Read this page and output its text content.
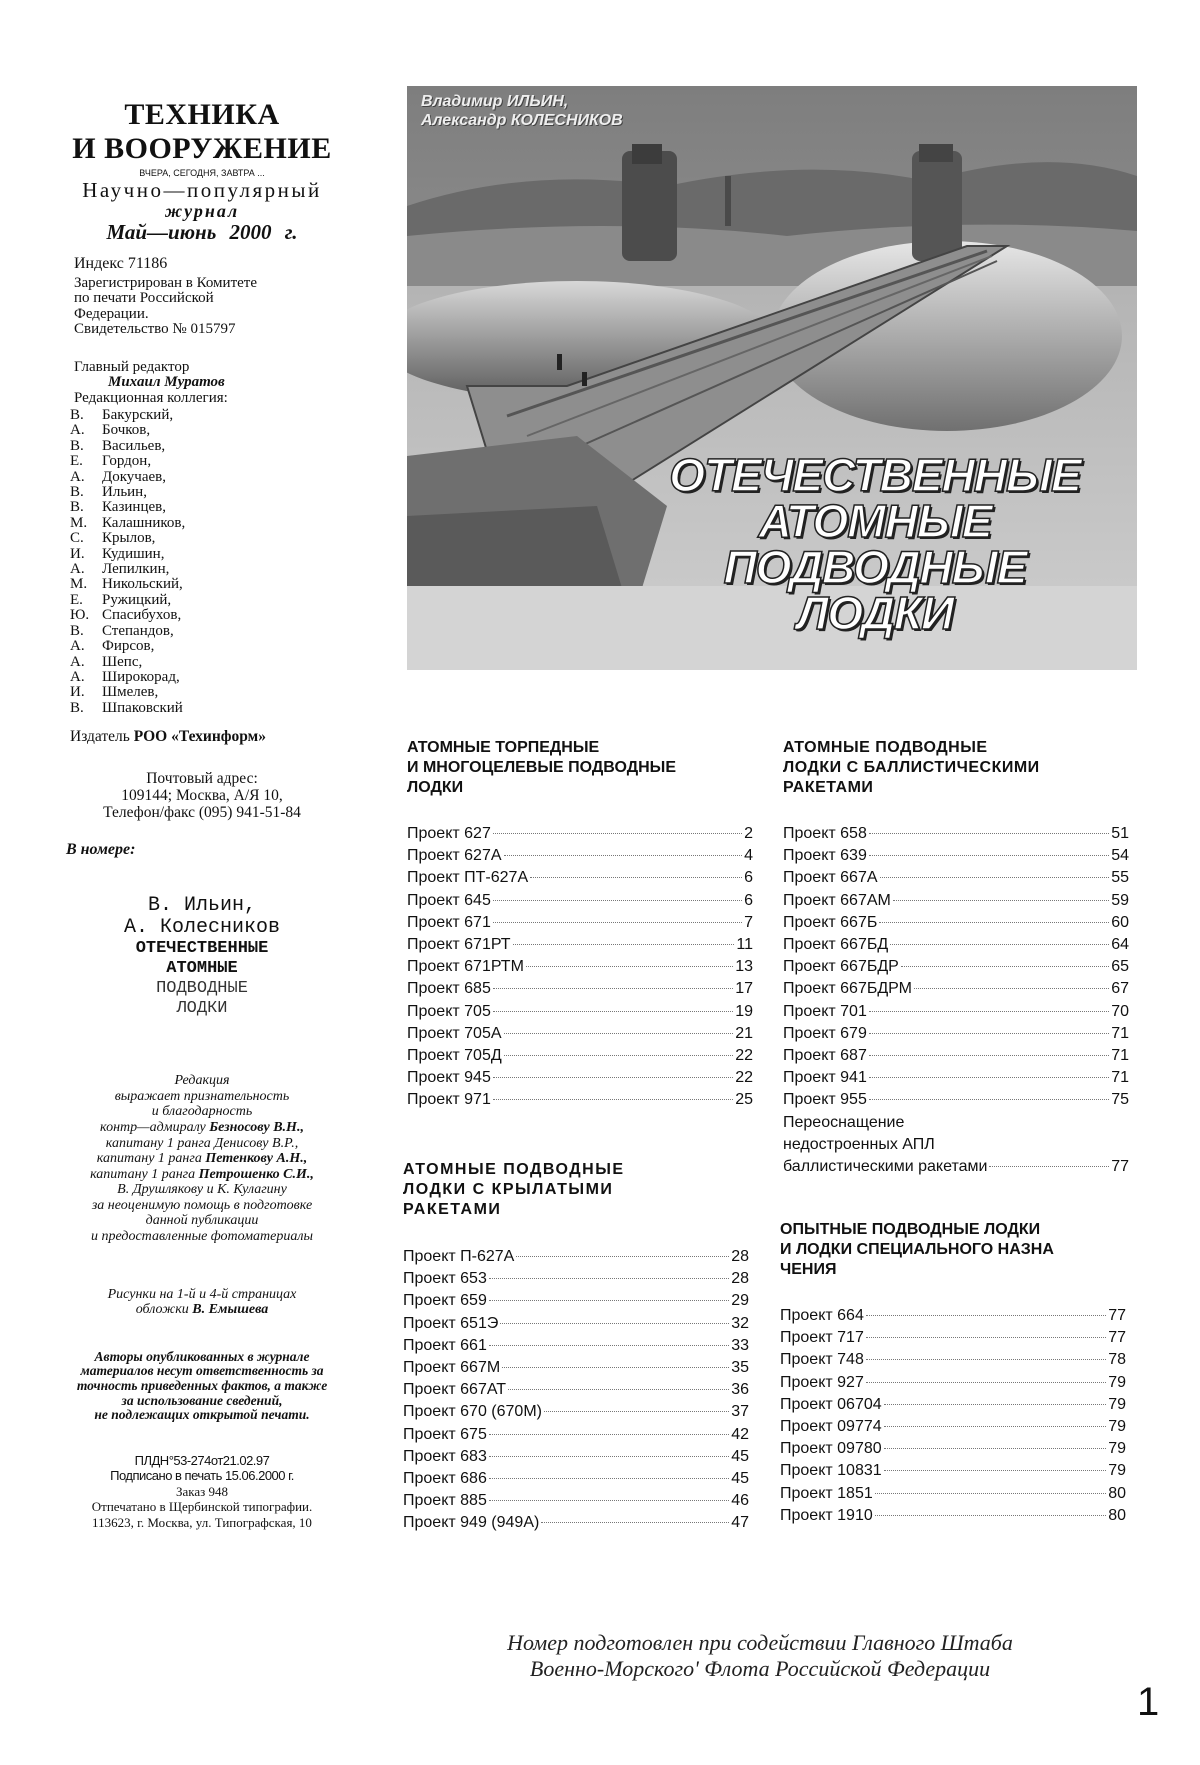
ТЕХНИКА
И ВООРУЖЕНИЕ
ВЧЕРА, СЕГОДНЯ, ЗАВТРА ...
Научно—популярный
журнал
Май—июнь 2000 г.
Индекс 71186
Зарегистрирован в Комитете
по печати Российской
Федерации.
Свидетельство № 015797
Главный редактор
Михаил Муратов
Редакционная коллегия:
В.	Бакурский,
А.	Бочков,
В.	Васильев,
Е.	Гордон,
А.	Докучаев,
В.	Ильин,
В.	Казинцев,
М. Калашников,
С.	Крылов,
И.	Кудишин,
А.	Лепилкин,
М. Никольский,
Е.	Ружицкий,
Ю. Спасибухов,
В.	Степандов,
А.	Фирсов,
А.	Шепс,
А.	Широкорад,
И.	Шмелев,
В.	Шпаковский
Издатель РОО «Техинформ»
Почтовый адрес:
109144; Москва, А/Я 10,
Телефон/факс (095) 941-51-84
В номере:
В. Ильин,
А. Колесников
ОТЕЧЕСТВЕННЫЕ
АТОМНЫЕ
ПОДВОДНЫЕ
ЛОДКИ
Редакция
выражает признательность
и благодарность
контр—адмиралу Безносову В.Н.,
капитану 1 ранга Денисову В.Р.,
капитану 1 ранга Петенкову А.Н.,
капитану 1 ранга Петрошенко С.И.,
В. Друшлякову и К. Кулагину
за неоценимую помощь в подготовке
данной публикации
и предоставленные фотоматериалы
Рисунки на 1-й и 4-й страницах
обложки В. Емышева
Авторы опубликованных в журнале
материалов несут ответственность за
точность приведенных фактов, а также
за использование сведений,
не подлежащих открытой печати.
ПЛДН°53-274от21.02.97
Подписано в печать 15.06.2000 г.
Заказ 948
Отпечатано в Щербинской типографии.
113623, г. Москва, ул. Типографская, 10
Владимир ИЛЬИН,
Александр КОЛЕСНИКОВ
ОТЕЧЕСТВЕННЫЕ
АТОМНЫЕ
ПОДВОДНЫЕ
ЛОДКИ
АТОМНЫЕ ТОРПЕДНЫЕ
И МНОГОЦЕЛЕВЫЕ ПОДВОДНЫЕ
ЛОДКИ
Проект 627	2
Проект 627А	4
Проект ПТ-627А	6
Проект 645	6
Проект 671	7
Проект 671РТ	11
Проект 671РТМ	13
Проект 685	17
Проект 705	19
Проект 705А	21
Проект 705Д	22
Проект 945	22
Проект 971	25
АТОМНЫЕ ПОДВОДНЫЕ
ЛОДКИ С БАЛЛИСТИЧЕСКИМИ
РАКЕТАМИ
Проект 658	51
Проект 639	54
Проект 667А	55
Проект 667АМ	59
Проект 667Б	60
Проект 667БД	64
Проект 667БДР	65
Проект 667БДРМ	67
Проект 701	70
Проект 679	71
Проект 687	71
Проект 941	71
Проект 955	75
Переоснащение
недостроенных АПЛ
баллистическими ракетами	77
АТОМНЫЕ ПОДВОДНЫЕ
ЛОДКИ С КРЫЛАТЫМИ
РАКЕТАМИ
Проект П-627А	28
Проект 653	28
Проект 659	29
Проект 651Э	32
Проект 661	33
Проект 667М	35
Проект 667АТ	36
Проект 670 (670М)	37
Проект 675	42
Проект 683	45
Проект 686	45
Проект 885	46
Проект 949 (949А)	47
ОПЫТНЫЕ ПОДВОДНЫЕ ЛОДКИ
И ЛОДКИ СПЕЦИАЛЬНОГО НАЗНА
ЧЕНИЯ
Проект 664	77
Проект 717	77
Проект 748	78
Проект 927	79
Проект 06704	79
Проект 09774	79
Проект 09780	79
Проект 10831	79
Проект 1851	80
Проект 1910	80
Номер подготовлен при содействии Главного Штаба
Военно-Морского' Флота Российской Федерации
1
